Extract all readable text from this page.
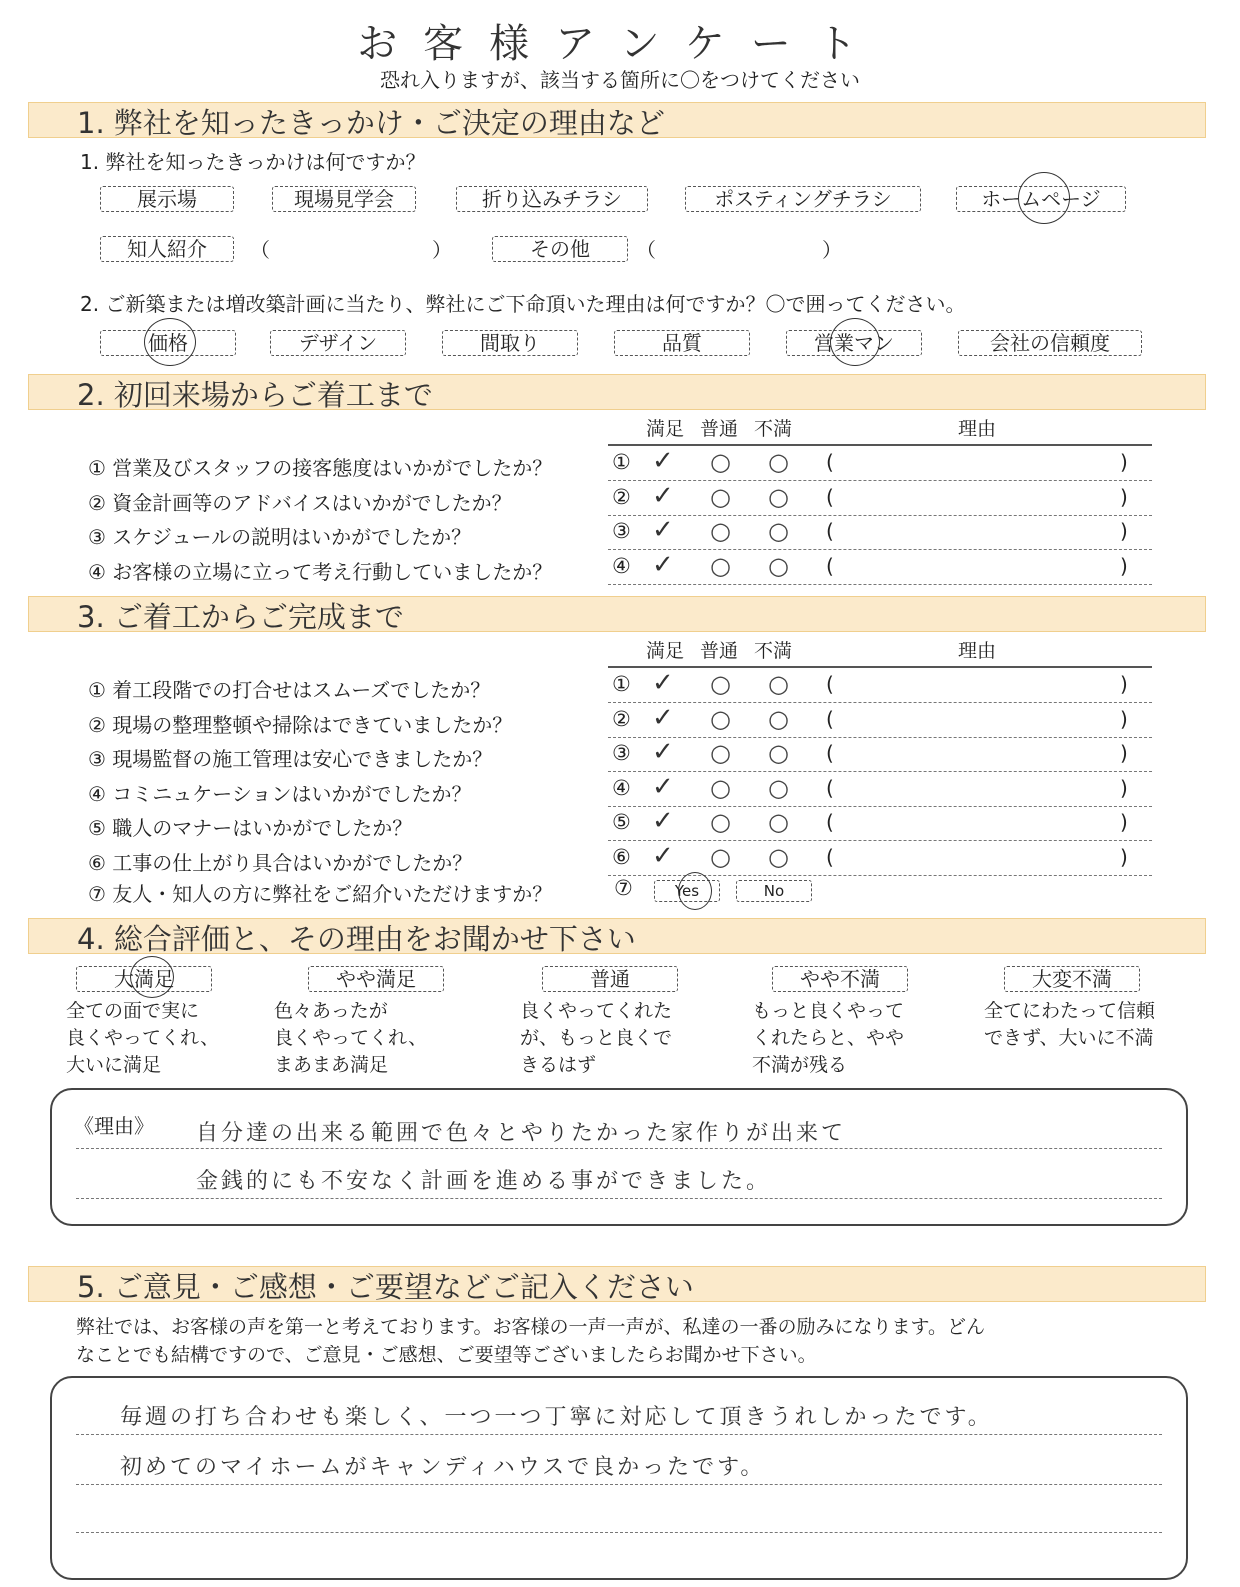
お客様アンケート
恐れ入りますが、該当する箇所に〇をつけてください
1. 弊社を知ったきっかけ・ご決定の理由など
1. 弊社を知ったきっかけは何ですか？
展示場	現場見学会	折り込みチラシ	ポスティングチラシ	ホームページ
知人紹介	（	）	その他	（	）
2. ご新築または増改築計画に当たり、弊社にご下命頂いた理由は何ですか？〇で囲ってください。
価格	デザイン	間取り	品質	営業マン	会社の信頼度
2. 初回来場からご着工まで
満足 普通 不満	理由
① 営業及びスタッフの接客態度はいかがでしたか？	① ✓ ○ ○ (	)
② 資金計画等のアドバイスはいかがでしたか？	② ✓ ○ ○ (	)
③ スケジュールの説明はいかがでしたか？	③ ✓ ○ ○ (	)
④ お客様の立場に立って考え行動していましたか？	④ ✓ ○ ○ (	)
3. ご着工からご完成まで
満足 普通 不満	理由
① 着工段階での打合せはスムーズでしたか？	① ✓ ○ ○ (	)
② 現場の整理整頓や掃除はできていましたか？	② ✓ ○ ○ (	)
③ 現場監督の施工管理は安心できましたか？	③ ✓ ○ ○ (	)
④ コミニュケーションはいかがでしたか？	④ ✓ ○ ○ (	)
⑤ 職人のマナーはいかがでしたか？	⑤ ✓ ○ ○ (	)
⑥ 工事の仕上がり具合はいかがでしたか？	⑥ ✓ ○ ○ (	)
⑦ 友人・知人の方に弊社をご紹介いただけますか？	⑦	Yes	No
4. 総合評価と、その理由をお聞かせ下さい
大満足	やや満足	普通	やや不満	大変不満
全ての面で実に
良くやってくれ、
大いに満足
色々あったが
良くやってくれ、
まあまあ満足
良くやってくれた
が、もっと良くで
きるはず
もっと良くやって
くれたらと、やや
不満が残る
全てにわたって信頼
できず、大いに不満
《理由》 自分達の出来る範囲で色々とやりたかった家作りが出来て
金銭的にも不安なく計画を進める事ができました。
5. ご意見・ご感想・ご要望などご記入ください
弊社では、お客様の声を第一と考えております。お客様の一声一声が、私達の一番の励みになります。どん
なことでも結構ですので、ご意見・ご感想、ご要望等ございましたらお聞かせ下さい。
毎週の打ち合わせも楽しく、一つ一つ丁寧に対応して頂きうれしかったです。
初めてのマイホームがキャンディハウスで良かったです。
